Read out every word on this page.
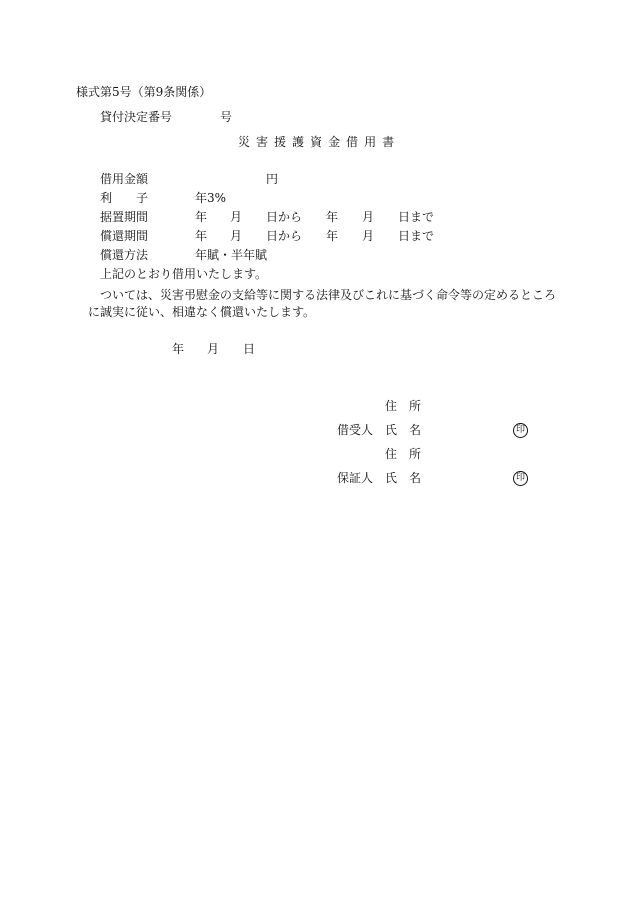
様式第5号（第9条関係）
貸付決定番号	号
災 害 援 護 資 金 借 用 書
借用金額	円
利　　子	年3%
据置期間	年 月 日から 年 月 日まで
償還期間	年 月 日から 年 月 日まで
償還方法	年賦・半年賦
上記のとおり借用いたします。
ついては、災害弔慰金の支給等に関する法律及びこれに基づく命令等の定めるところ
に誠実に従い、相違なく償還いたします。
年 月 日
住　所
借受人 氏　名	印
住　所
保証人 氏　名	印
